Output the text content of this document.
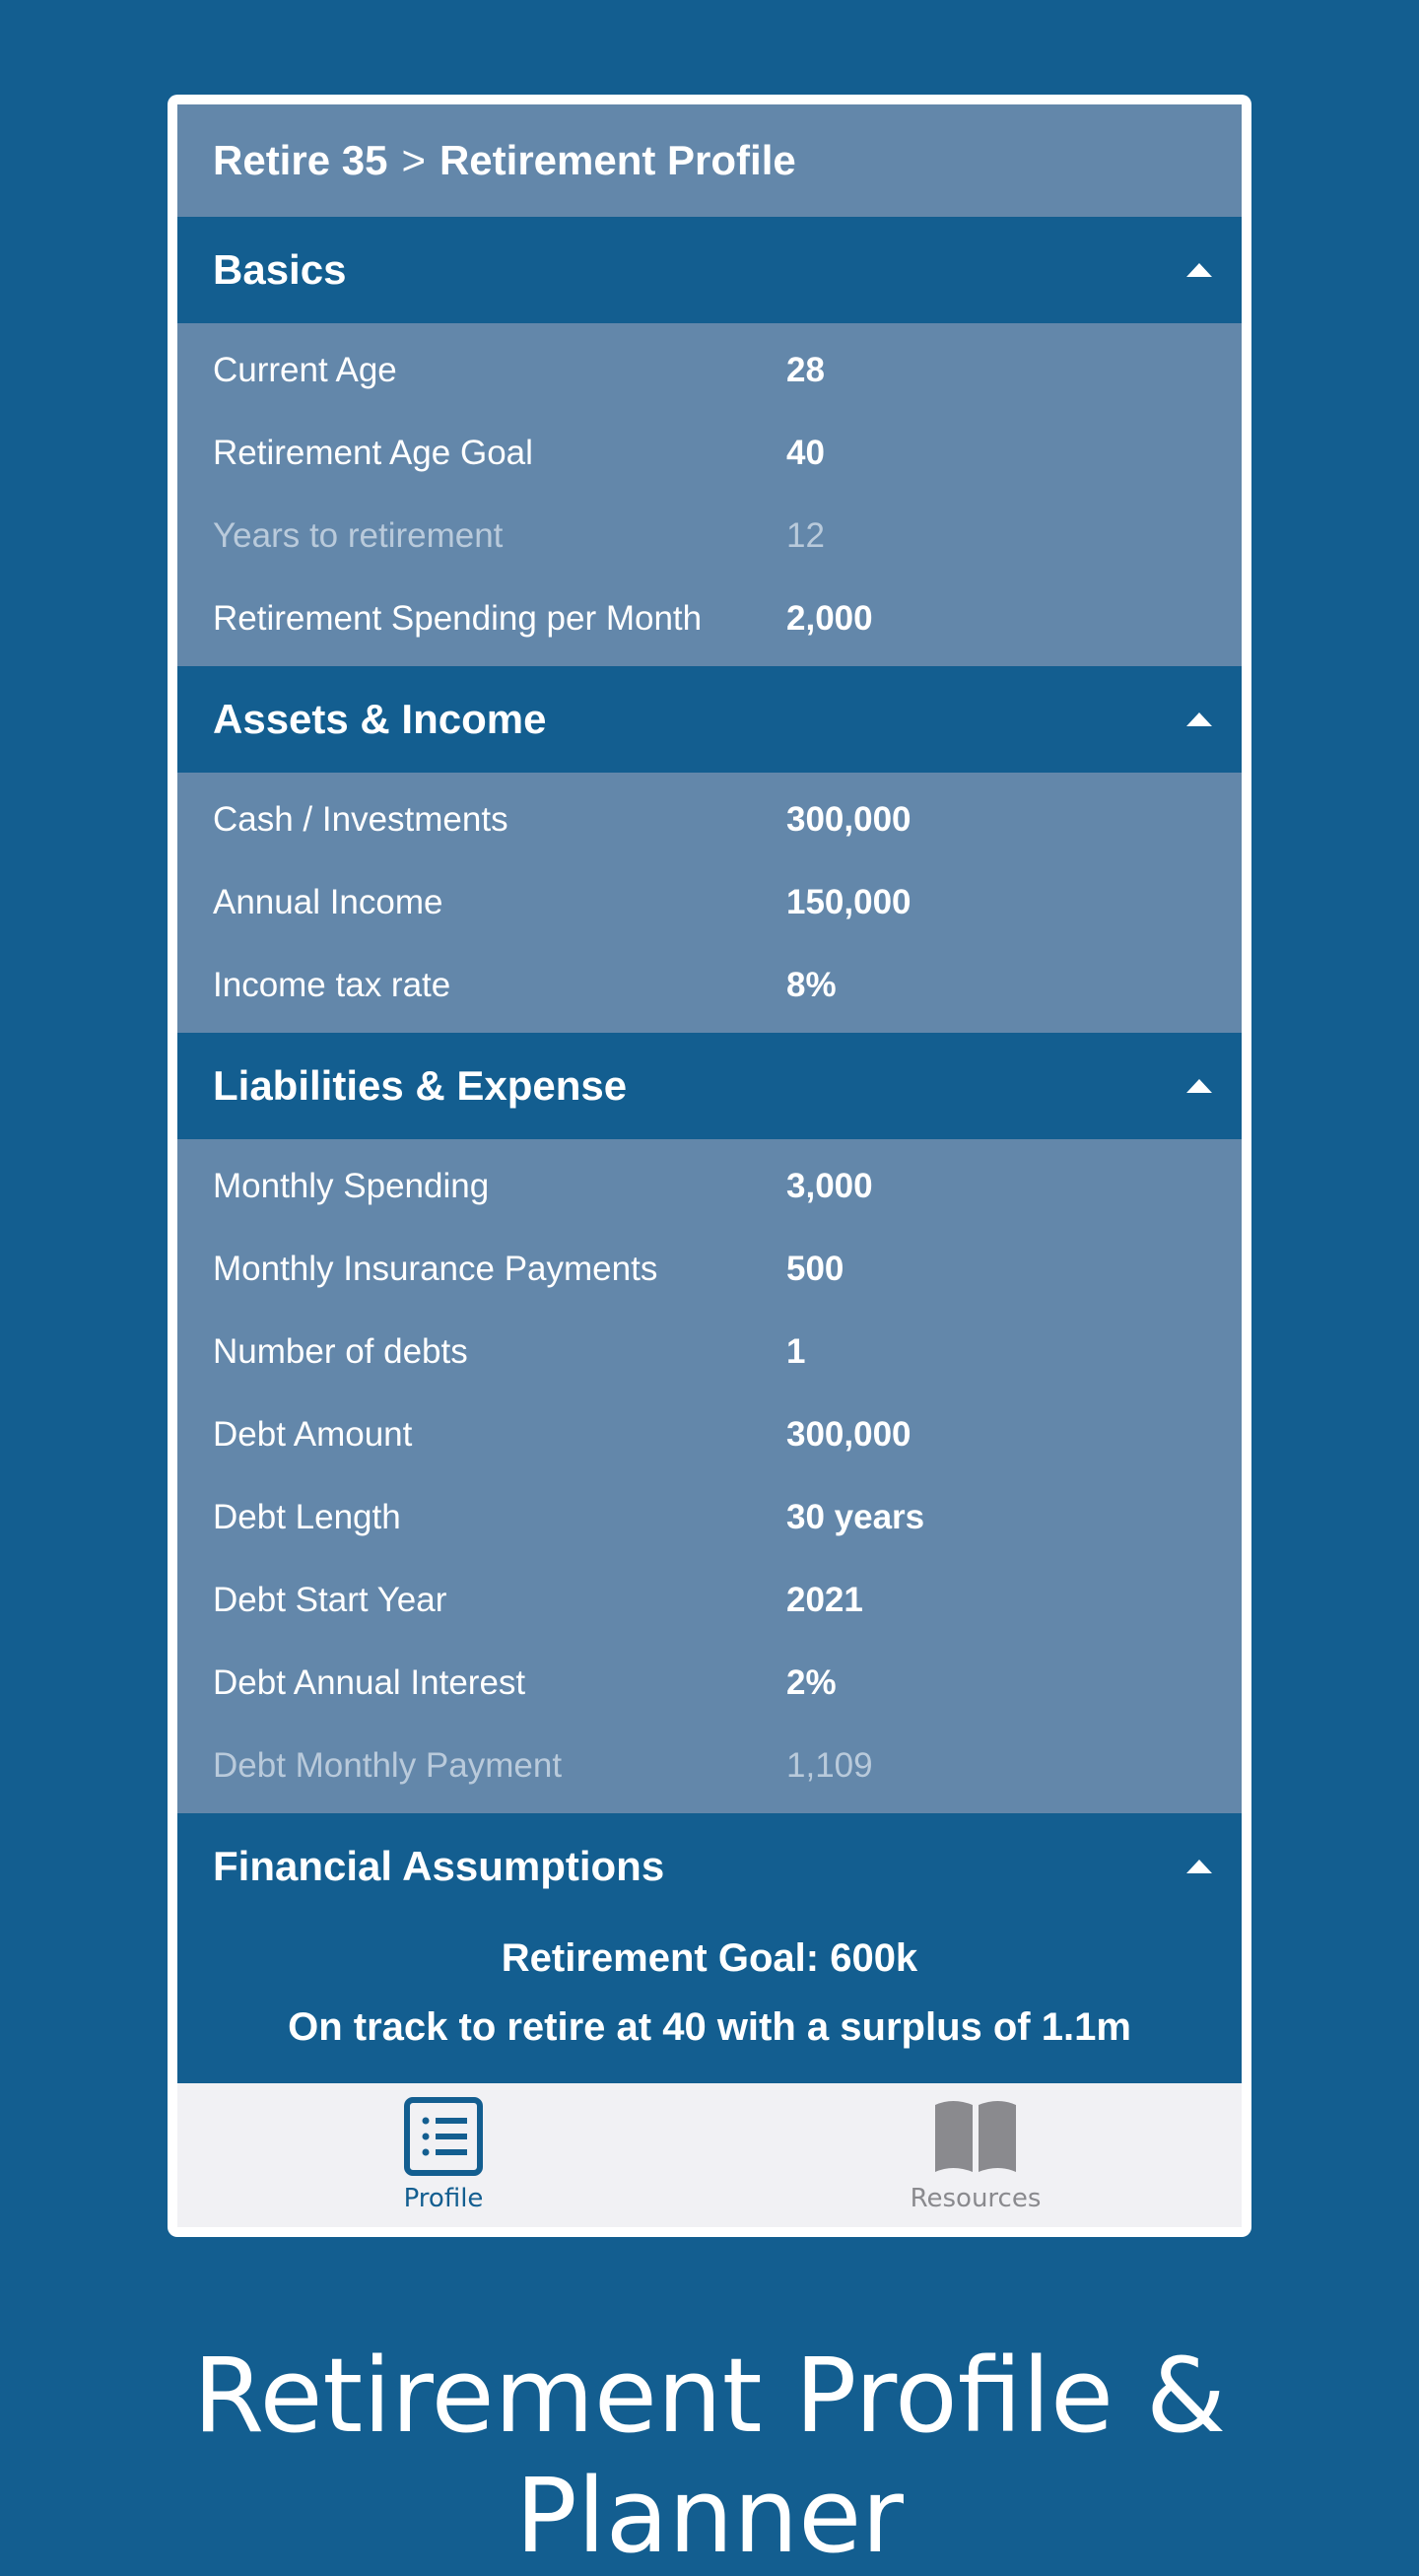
Retire 35 > Retirement Profile
Basics
Current Age	28
Retirement Age Goal	40
Years to retirement	12
Retirement Spending per Month	2,000
Assets & Income
Cash / Investments	300,000
Annual Income	150,000
Income tax rate	8%
Liabilities & Expense
Monthly Spending	3,000
Monthly Insurance Payments	500
Number of debts	1
Debt Amount	300,000
Debt Length	30 years
Debt Start Year	2021
Debt Annual Interest	2%
Debt Monthly Payment	1,109
Financial Assumptions
Retirement Goal: 600k
On track to retire at 40 with a surplus of 1.1m
Profile	Resources
Retirement Profile & Planner
